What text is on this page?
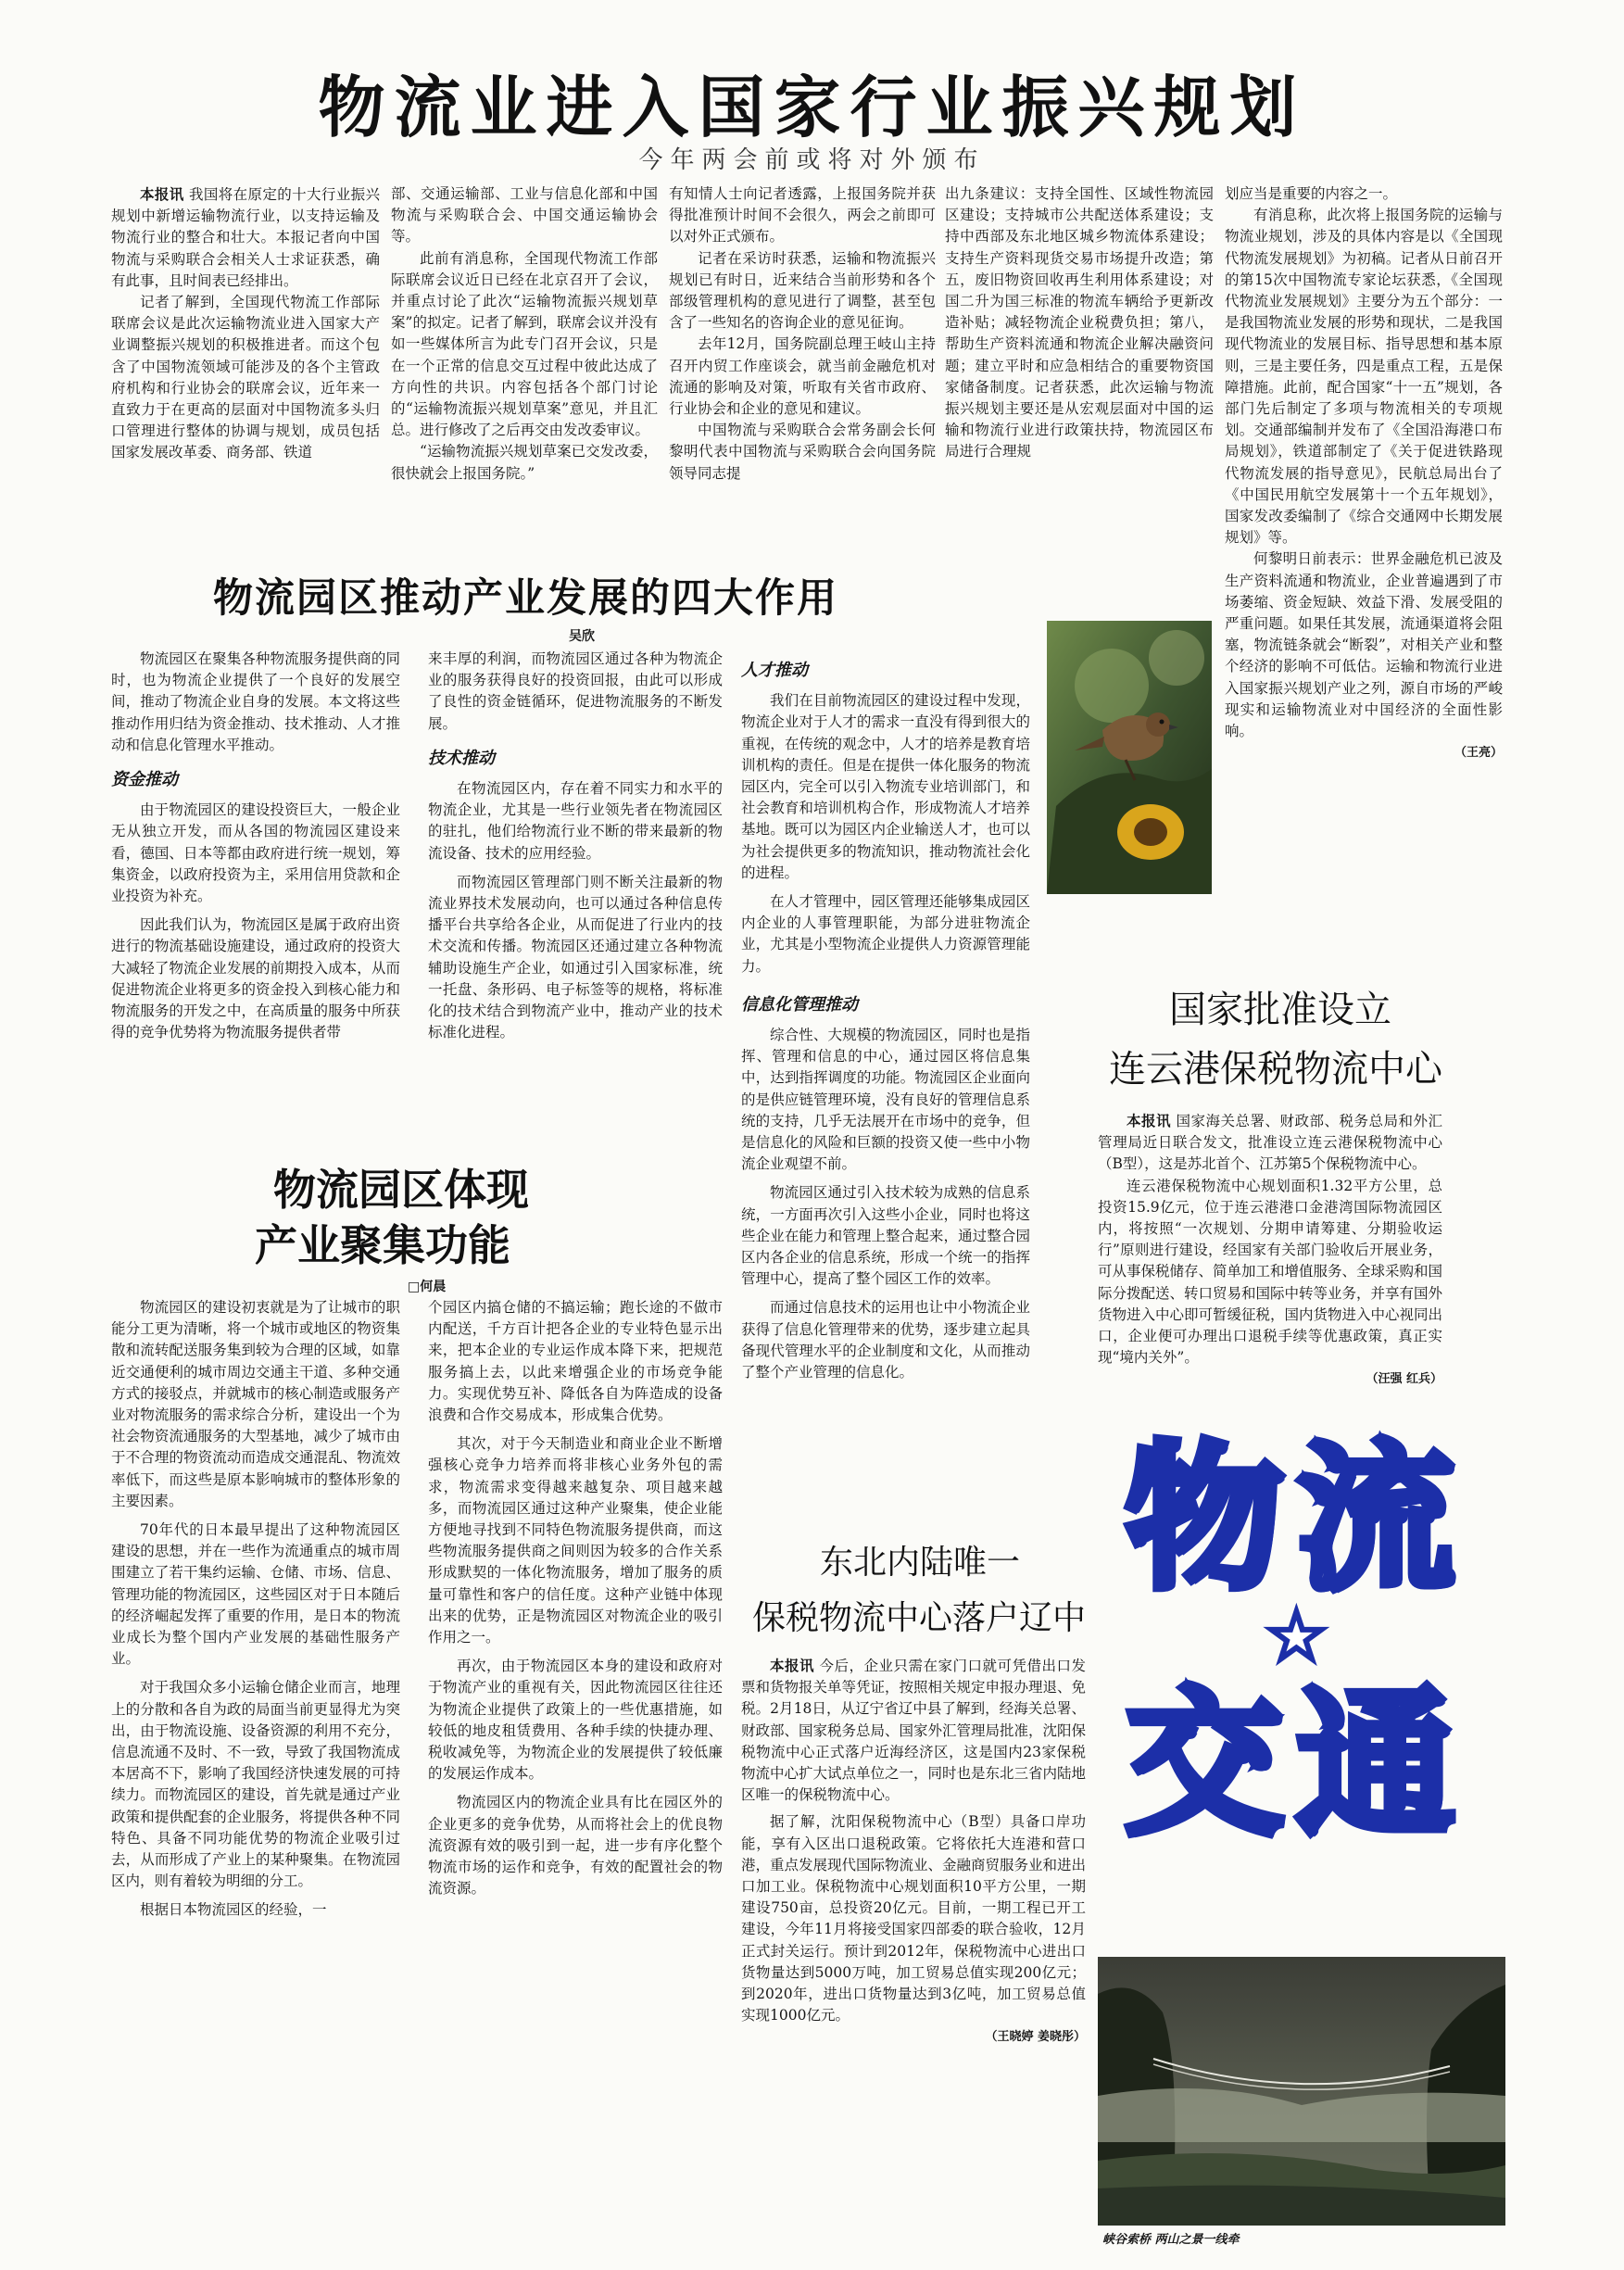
物流业进入国家行业振兴规划
今年两会前或将对外颁布

本报讯 我国将在原定的十大行业振兴规划中新增运输物流行业，以支持运输及物流行业的整合和壮大。本报记者向中国物流与采购联合会相关人士求证获悉，确有此事，且时间表已经排出。

记者了解到，全国现代物流工作部际联席会议是此次运输物流业进入国家大产业调整振兴规划的积极推进者。而这个包含了中国物流领域可能涉及的各个主管政府机构和行业协会的联席会议，近年来一直致力于在更高的层面对中国物流多头归口管理进行整体的协调与规划，成员包括国家发展改革委、商务部、铁道

部、交通运输部、工业与信息化部和中国物流与采购联合会、中国交通运输协会等。

此前有消息称，全国现代物流工作部际联席会议近日已经在北京召开了会议，并重点讨论了此次“运输物流振兴规划草案”的拟定。记者了解到，联席会议并没有如一些媒体所言为此专门召开会议，只是在一个正常的信息交互过程中彼此达成了方向性的共识。内容包括各个部门讨论的“运输物流振兴规划草案”意见，并且汇总。进行修改了之后再交由发改委审议。

“运输物流振兴规划草案已交发改委，很快就会上报国务院。”

有知情人士向记者透露，上报国务院并获得批准预计时间不会很久，两会之前即可以对外正式颁布。

记者在采访时获悉，运输和物流振兴规划已有时日，近来结合当前形势和各个部级管理机构的意见进行了调整，甚至包含了一些知名的咨询企业的意见征询。

去年12月，国务院副总理王岐山主持召开内贸工作座谈会，就当前金融危机对流通的影响及对策，听取有关省市政府、行业协会和企业的意见和建议。

中国物流与采购联合会常务副会长何黎明代表中国物流与采购联合会向国务院领导同志提

出九条建议：支持全国性、区域性物流园区建设；支持城市公共配送体系建设；支持中西部及东北地区城乡物流体系建设；支持生产资料现货交易市场提升改造；第五，废旧物资回收再生利用体系建设；对国二升为国三标准的物流车辆给予更新改造补贴；减轻物流企业税费负担；第八，帮助生产资料流通和物流企业解决融资问题；建立平时和应急相结合的重要物资国家储备制度。记者获悉，此次运输与物流振兴规划主要还是从宏观层面对中国的运输和物流行业进行政策扶持，物流园区布局进行合理规

划应当是重要的内容之一。

有消息称，此次将上报国务院的运输与物流业规划，涉及的具体内容是以《全国现代物流发展规划》为初稿。记者从日前召开的第15次中国物流专家论坛获悉，《全国现代物流业发展规划》主要分为五个部分：一是我国物流业发展的形势和现状，二是我国现代物流业的发展目标、指导思想和基本原则，三是主要任务，四是重点工程，五是保障措施。此前，配合国家“十一五”规划，各部门先后制定了多项与物流相关的专项规划。交通部编制并发布了《全国沿海港口布局规划》，铁道部制定了《关于促进铁路现代物流发展的指导意见》，民航总局出台了《中国民用航空发展第十一个五年规划》，国家发改委编制了《综合交通网中长期发展规划》等。

何黎明日前表示：世界金融危机已波及生产资料流通和物流业，企业普遍遇到了市场萎缩、资金短缺、效益下滑、发展受阻的严重问题。如果任其发展，流通渠道将会阻塞，物流链条就会“断裂”，对相关产业和整个经济的影响不可低估。运输和物流行业进入国家振兴规划产业之列，源自市场的严峻现实和运输物流业对中国经济的全面性影响。

（王亮）
物流园区推动产业发展的四大作用
吴欣

物流园区在聚集各种物流服务提供商的同时，也为物流企业提供了一个良好的发展空间，推动了物流企业自身的发展。本文将这些推动作用归结为资金推动、技术推动、人才推动和信息化管理水平推动。

资金推动

由于物流园区的建设投资巨大，一般企业无从独立开发，而从各国的物流园区建设来看，德国、日本等都由政府进行统一规划，筹集资金，以政府投资为主，采用信用贷款和企业投资为补充。

因此我们认为，物流园区是属于政府出资进行的物流基础设施建设，通过政府的投资大大减轻了物流企业发展的前期投入成本，从而促进物流企业将更多的资金投入到核心能力和物流服务的开发之中，在高质量的服务中所获得的竞争优势将为物流服务提供者带

来丰厚的利润，而物流园区通过各种为物流企业的服务获得良好的投资回报，由此可以形成了良性的资金链循环，促进物流服务的不断发展。

技术推动

在物流园区内，存在着不同实力和水平的物流企业，尤其是一些行业领先者在物流园区的驻扎，他们给物流行业不断的带来最新的物流设备、技术的应用经验。

而物流园区管理部门则不断关注最新的物流业界技术发展动向，也可以通过各种信息传播平台共享给各企业，从而促进了行业内的技术交流和传播。物流园区还通过建立各种物流辅助设施生产企业，如通过引入国家标准，统一托盘、条形码、电子标签等的规格，将标准化的技术结合到物流产业中，推动产业的技术标准化进程。

人才推动

我们在目前物流园区的建设过程中发现，物流企业对于人才的需求一直没有得到很大的重视，在传统的观念中，人才的培养是教育培训机构的责任。但是在提供一体化服务的物流园区内，完全可以引入物流专业培训部门，和社会教育和培训机构合作，形成物流人才培养基地。既可以为园区内企业输送人才，也可以为社会提供更多的物流知识，推动物流社会化的进程。

在人才管理中，园区管理还能够集成园区内企业的人事管理职能，为部分进驻物流企业，尤其是小型物流企业提供人力资源管理能力。

信息化管理推动

综合性、大规模的物流园区，同时也是指挥、管理和信息的中心，通过园区将信息集中，达到指挥调度的功能。物流园区企业面向的是供应链管理环境，没有良好的管理信息系统的支持，几乎无法展开在市场中的竞争，但是信息化的风险和巨额的投资又使一些中小物流企业观望不前。

物流园区通过引入技术较为成熟的信息系统，一方面再次引入这些小企业，同时也将这些企业在能力和管理上整合起来，通过整合园区内各企业的信息系统，形成一个统一的指挥管理中心，提高了整个园区工作的效率。

而通过信息技术的运用也让中小物流企业获得了信息化管理带来的优势，逐步建立起具备现代管理水平的企业制度和文化，从而推动了整个产业管理的信息化。

物流园区体现
产业聚集功能
□何晨

物流园区的建设初衷就是为了让城市的职能分工更为清晰，将一个城市或地区的物资集散和流转配送服务集到较为合理的区域，如靠近交通便利的城市周边交通主干道、多种交通方式的接驳点，并就城市的核心制造或服务产业对物流服务的需求综合分析，建设出一个为社会物资流通服务的大型基地，减少了城市由于不合理的物资流动而造成交通混乱、物流效率低下，而这些是原本影响城市的整体形象的主要因素。

70年代的日本最早提出了这种物流园区建设的思想，并在一些作为流通重点的城市周围建立了若干集约运输、仓储、市场、信息、管理功能的物流园区，这些园区对于日本随后的经济崛起发挥了重要的作用，是日本的物流业成长为整个国内产业发展的基础性服务产业。

对于我国众多小运输仓储企业而言，地理上的分散和各自为政的局面当前更显得尤为突出，由于物流设施、设备资源的利用不充分，信息流通不及时、不一致，导致了我国物流成本居高不下，影响了我国经济快速发展的可持续力。而物流园区的建设，首先就是通过产业政策和提供配套的企业服务，将提供各种不同特色、具备不同功能优势的物流企业吸引过去，从而形成了产业上的某种聚集。在物流园区内，则有着较为明细的分工。

根据日本物流园区的经验，一

个园区内搞仓储的不搞运输；跑长途的不做市内配送，千方百计把各企业的专业特色显示出来，把本企业的专业运作成本降下来，把规范服务搞上去，以此来增强企业的市场竞争能力。实现优势互补、降低各自为阵造成的设备浪费和合作交易成本，形成集合优势。

其次，对于今天制造业和商业企业不断增强核心竞争力培养而将非核心业务外包的需求，物流需求变得越来越复杂、项目越来越多，而物流园区通过这种产业聚集，使企业能方便地寻找到不同特色物流服务提供商，而这些物流服务提供商之间则因为较多的合作关系形成默契的一体化物流服务，增加了服务的质量可靠性和客户的信任度。这种产业链中体现出来的优势，正是物流园区对物流企业的吸引作用之一。

再次，由于物流园区本身的建设和政府对于物流产业的重视有关，因此物流园区往往还为物流企业提供了政策上的一些优惠措施，如较低的地皮租赁费用、各种手续的快捷办理、税收减免等，为物流企业的发展提供了较低廉的发展运作成本。

物流园区内的物流企业具有比在园区外的企业更多的竞争优势，从而将社会上的优良物流资源有效的吸引到一起，进一步有序化整个物流市场的运作和竞争，有效的配置社会的物流资源。

国家批准设立
连云港保税物流中心

本报讯 国家海关总署、财政部、税务总局和外汇管理局近日联合发文，批准设立连云港保税物流中心（B型），这是苏北首个、江苏第5个保税物流中心。

连云港保税物流中心规划面积1.32平方公里，总投资15.9亿元，位于连云港港口金港湾国际物流园区内，将按照“一次规划、分期申请筹建、分期验收运行”原则进行建设，经国家有关部门验收后开展业务，可从事保税储存、简单加工和增值服务、全球采购和国际分拨配送、转口贸易和国际中转等业务，并享有国外货物进入中心即可暂缓征税，国内货物进入中心视同出口，企业便可办理出口退税手续等优惠政策，真正实现“境内关外”。

（汪强 红兵）
东北内陆唯一
保税物流中心落户辽中

本报讯 今后，企业只需在家门口就可凭借出口发票和货物报关单等凭证，按照相关规定申报办理退、免税。2月18日，从辽宁省辽中县了解到，经海关总署、财政部、国家税务总局、国家外汇管理局批准，沈阳保税物流中心正式落户近海经济区，这是国内23家保税物流中心扩大试点单位之一，同时也是东北三省内陆地区唯一的保税物流中心。

据了解，沈阳保税物流中心（B型）具备口岸功能，享有入区出口退税政策。它将依托大连港和营口港，重点发展现代国际物流业、金融商贸服务业和进出口加工业。保税物流中心规划面积10平方公里，一期建设750亩，总投资20亿元。目前，一期工程已开工建设，今年11月将接受国家四部委的联合验收，12月正式封关运行。预计到2012年，保税物流中心进出口货物量达到5000万吨，加工贸易总值实现200亿元；到2020年，进出口货物量达到3亿吨，加工贸易总值实现1000亿元。

（王晓婷 姜晓彤）
物 流
★
交 通
峡谷索桥 两山之景一线牵
